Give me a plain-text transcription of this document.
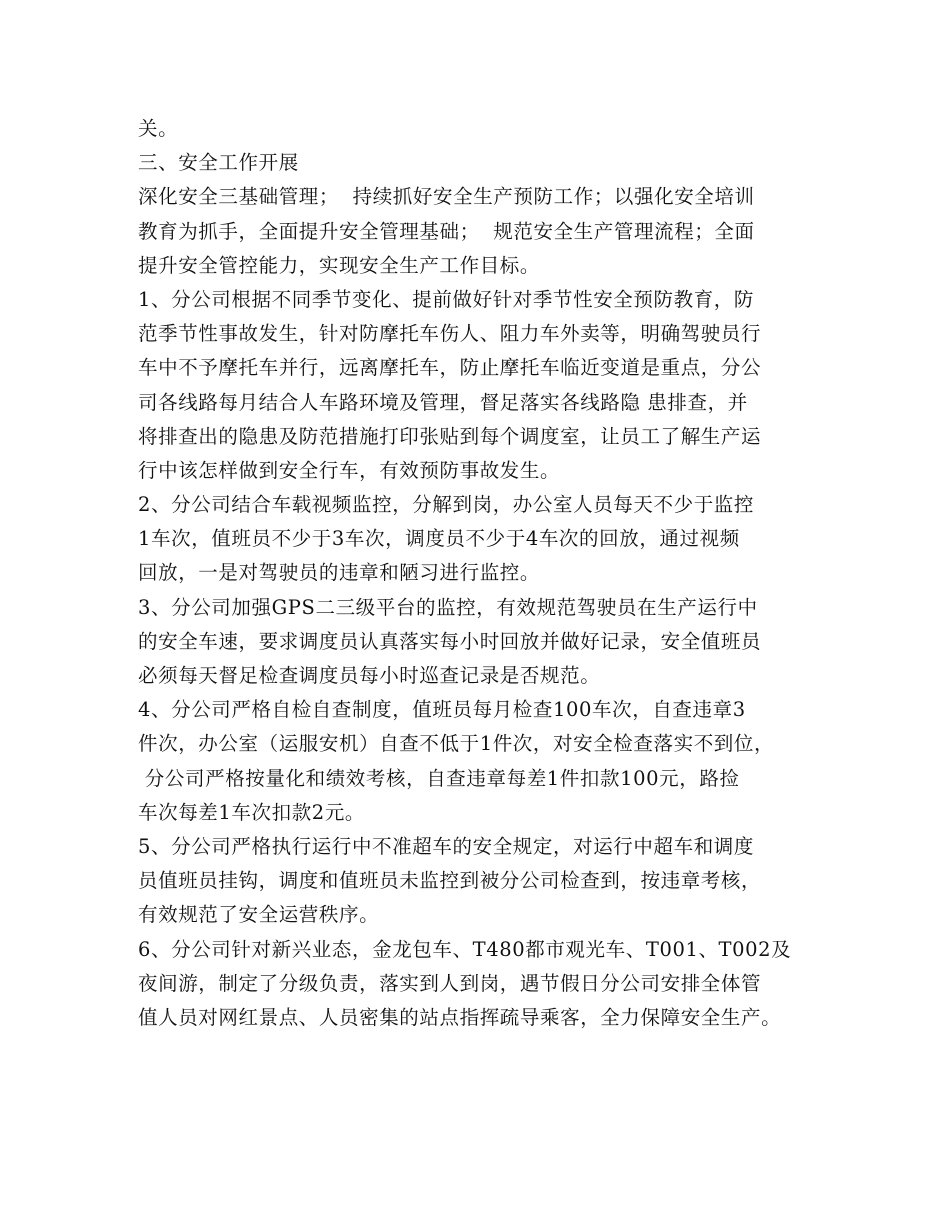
关。
三、安全工作开展
深化安全三基础管理；  持续抓好安全生产预防工作；以强化安全培训
教育为抓手，全面提升安全管理基础；  规范安全生产管理流程；全面
提升安全管控能力，实现安全生产工作目标。
1、分公司根据不同季节变化、提前做好针对季节性安全预防教育，防
范季节性事故发生，针对防摩托车伤人、阻力车外卖等，明确驾驶员行
车中不予摩托车并行，远离摩托车，防止摩托车临近变道是重点，分公
司各线路每月结合人车路环境及管理，督足落实各线路隐 患排查，并
将排查出的隐患及防范措施打印张贴到每个调度室，让员工了解生产运
行中该怎样做到安全行车，有效预防事故发生。
2、分公司结合车载视频监控，分解到岗，办公室人员每天不少于监控
1车次，值班员不少于3车次，调度员不少于4车次的回放，通过视频
回放，一是对驾驶员的违章和陋习进行监控。
3、分公司加强GPS二三级平台的监控，有效规范驾驶员在生产运行中
的安全车速，要求调度员认真落实每小时回放并做好记录，安全值班员
必须每天督足检查调度员每小时巡查记录是否规范。
4、分公司严格自检自查制度，值班员每月检查100车次，自查违章3
件次，办公室（运服安机）自查不低于1件次，对安全检查落实不到位，
分公司严格按量化和绩效考核，自查违章每差1件扣款100元，路捡
车次每差1车次扣款2元。
5、分公司严格执行运行中不准超车的安全规定，对运行中超车和调度
员值班员挂钩，调度和值班员未监控到被分公司检查到，按违章考核，
有效规范了安全运营秩序。
6、分公司针对新兴业态，金龙包车、T480都市观光车、T001、T002及
夜间游，制定了分级负责，落实到人到岗，遇节假日分公司安排全体管
值人员对网红景点、人员密集的站点指挥疏导乘客，全力保障安全生产。
